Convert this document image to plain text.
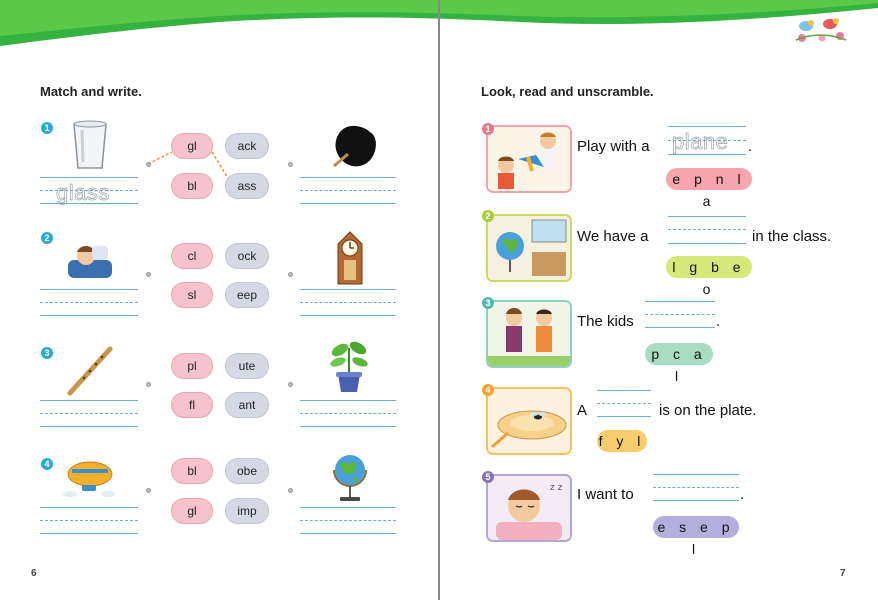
Match and write.
1
glass
gl	ack
bl	ass
2
cl	ock
sl	eep
3
pl	ute
fl	ant
4	bl	obe
gl	imp
6
Look, read and unscramble.
1
Play with a plane .
e p n l a
2
We have a	in the class.
l g b e o
3
The kids	.
p c a l
4
A	is on the plate.
f y l
z z
5
I want to	.
e s e p l
7
